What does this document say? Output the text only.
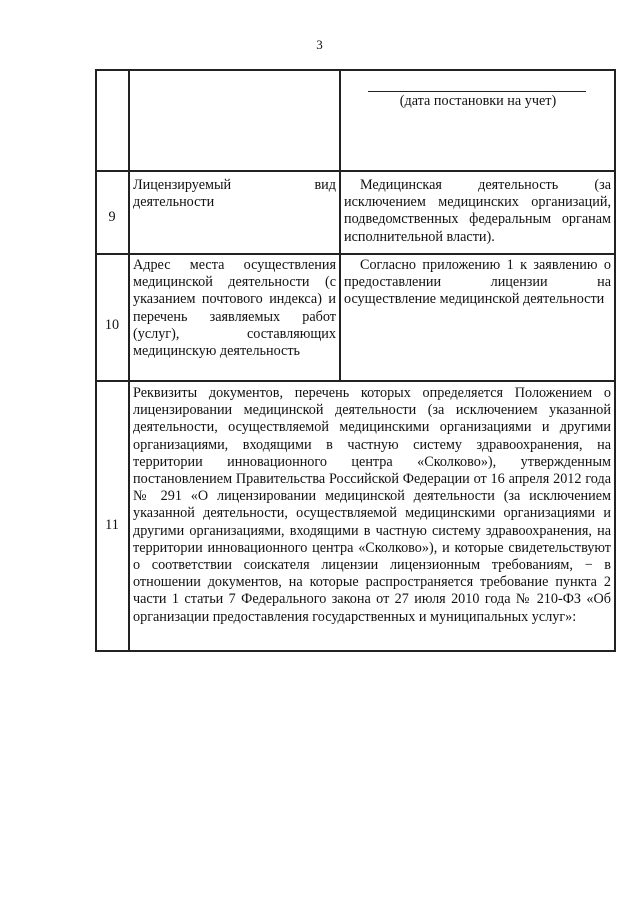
3
(дата постановки на учет)
9
Лицензируемый вид деятельности
Медицинская деятельность (за исключением медицинских организаций, подведомственных федеральным органам исполнительной власти).
10
Адрес места осуществления медицинской деятельности (с указанием почтового индекса) и перечень заявляемых работ (услуг), составляющих медицинскую деятельность
Согласно приложению 1 к заявлению о предоставлении лицензии на осуществление медицинской деятельности
11
Реквизиты документов, перечень которых определяется Положением о лицензировании медицинской деятельности (за исключением указанной деятельности, осуществляемой медицинскими организациями и другими организациями, входящими в частную систему здравоохранения, на территории инновационного центра «Сколково»), утвержденным постановлением Правительства Российской Федерации от 16 апреля 2012 года № 291 «О лицензировании медицинской деятельности (за исключением указанной деятельности, осуществляемой медицинскими организациями и другими организациями, входящими в частную систему здравоохранения, на территории инновационного центра «Сколково»), и которые свидетельствуют о соответствии соискателя лицензии лицензионным требованиям, − в отношении документов, на которые распространяется требование пункта 2 части 1 статьи 7 Федерального закона от 27 июля 2010 года № 210-ФЗ «Об организации предоставления государственных и муниципальных услуг»:
